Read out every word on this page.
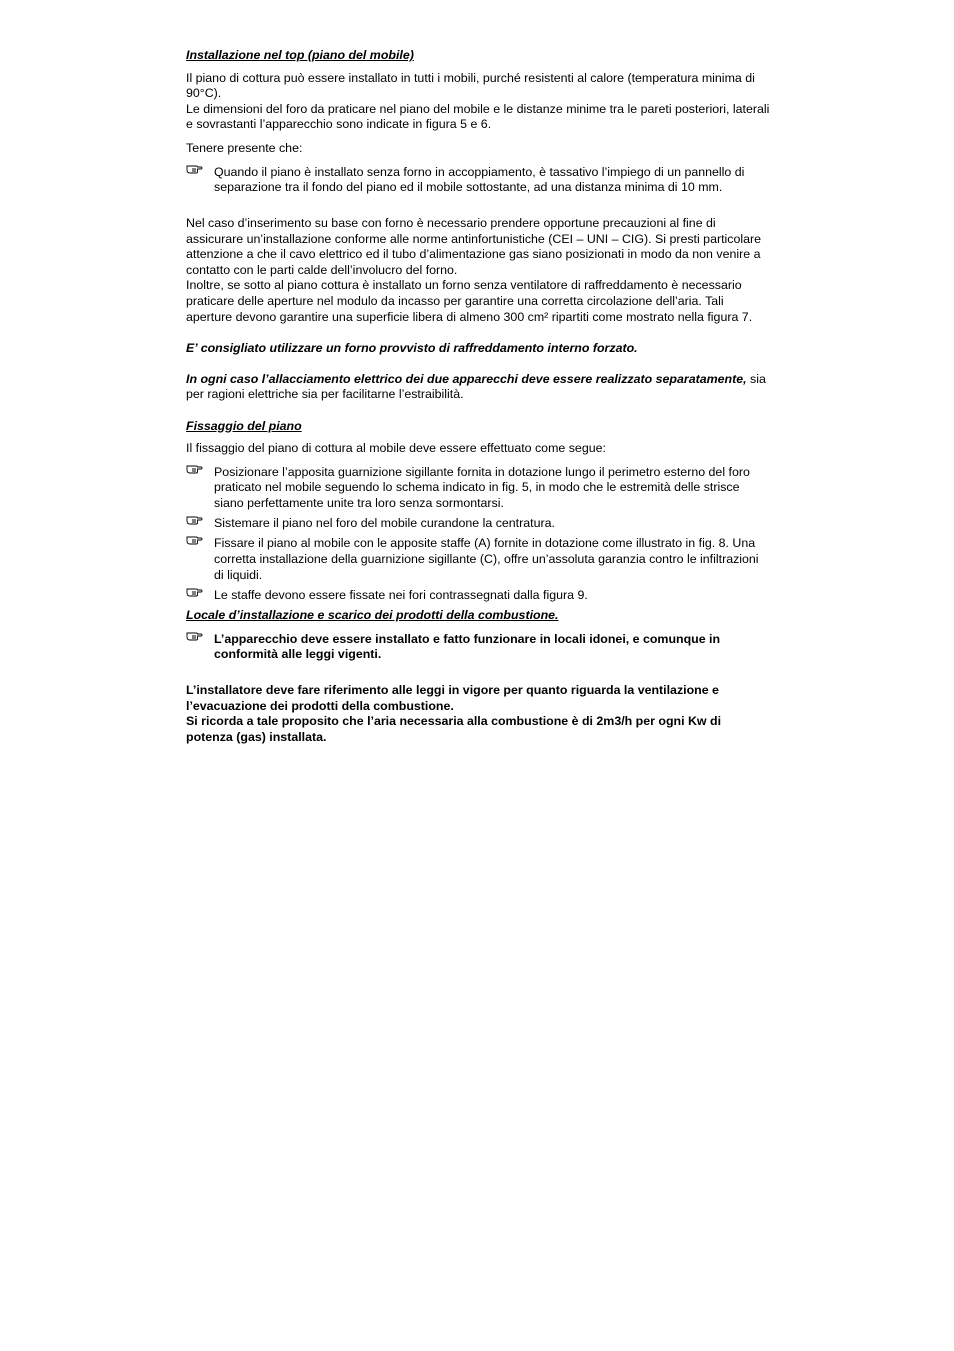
Installazione nel top (piano del mobile)

Il piano di cottura può essere installato in tutti i mobili, purché resistenti al calore (temperatura minima di 90°C).

Le dimensioni del foro da praticare nel piano del mobile e le distanze minime tra le pareti posteriori, laterali e sovrastanti l’apparecchio sono indicate in figura 5 e 6.

Tenere presente che:

Quando il piano è installato senza forno in accoppiamento, è tassativo l’impiego di un pannello di separazione tra il fondo del piano ed il mobile sottostante, ad una distanza minima di 10 mm.

Nel caso d’inserimento su base con forno è necessario prendere opportune precauzioni al fine di assicurare un’installazione conforme alle norme antinfortunistiche (CEI – UNI – CIG). Si presti particolare attenzione a che il cavo elettrico ed il tubo d’alimentazione gas siano posizionati in modo da non venire a contatto con le parti calde dell’involucro del forno.

Inoltre, se sotto al piano cottura è installato un forno senza ventilatore di raffreddamento è necessario praticare delle aperture nel modulo da incasso per garantire una corretta circolazione dell’aria. Tali aperture devono garantire una superficie libera di almeno 300 cm² ripartiti come mostrato nella figura 7.

E’ consigliato utilizzare un forno provvisto di raffreddamento interno forzato.

In ogni caso l’allacciamento elettrico dei due apparecchi deve essere realizzato separatamente, sia per ragioni elettriche sia per facilitarne l’estraibilità.

Fissaggio del piano

Il fissaggio del piano di cottura al mobile deve essere effettuato come segue:

Posizionare l’apposita guarnizione sigillante fornita in dotazione lungo il perimetro esterno del foro praticato nel mobile seguendo lo schema indicato in fig. 5, in modo che le estremità delle strisce siano perfettamente unite tra loro senza sormontarsi.
Sistemare il piano nel foro del mobile curandone la centratura.
Fissare il piano al mobile con le apposite staffe (A) fornite in dotazione come illustrato in fig. 8. Una corretta installazione della guarnizione sigillante (C), offre un’assoluta garanzia contro le infiltrazioni di liquidi.
Le staffe devono essere fissate nei fori contrassegnati dalla figura 9.

Locale d’installazione e scarico dei prodotti della combustione.

L’apparecchio deve essere installato e fatto funzionare in locali idonei, e comunque in conformità alle leggi vigenti.

L’installatore deve fare riferimento alle leggi in vigore per quanto riguarda la ventilazione e l’evacuazione dei prodotti della combustione.

Si ricorda a tale proposito che l’aria necessaria alla combustione è di 2m3/h per ogni Kw di potenza (gas) installata.
